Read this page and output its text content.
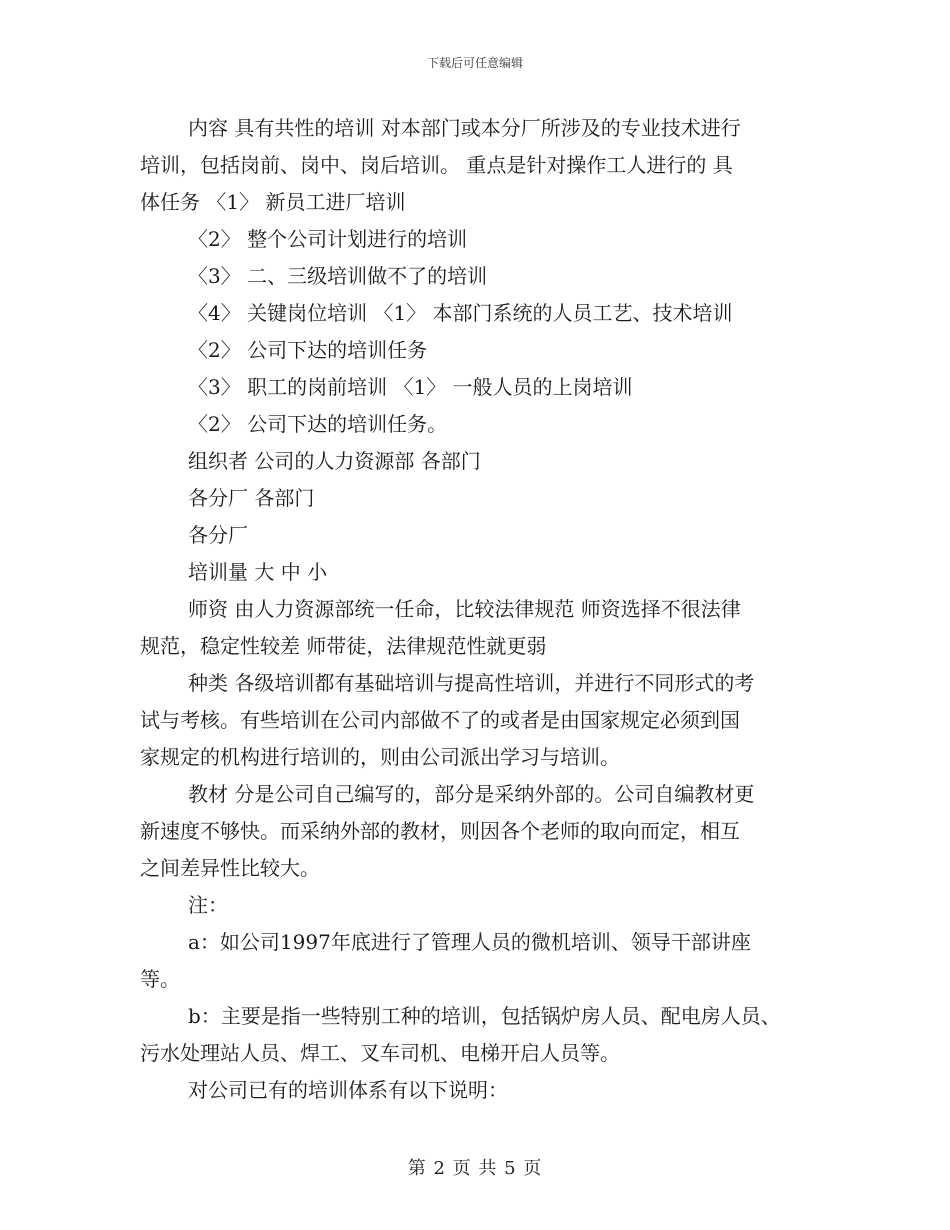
下载后可任意编辑
内容 具有共性的培训 对本部门或本分厂所涉及的专业技术进行
培训，包括岗前、岗中、岗后培训。 重点是针对操作工人进行的 具
体任务 〈1〉 新员工进厂培训
〈2〉 整个公司计划进行的培训
〈3〉 二、三级培训做不了的培训
〈4〉 关键岗位培训 〈1〉 本部门系统的人员工艺、技术培训
〈2〉 公司下达的培训任务
〈3〉 职工的岗前培训 〈1〉 一般人员的上岗培训
〈2〉 公司下达的培训任务。
组织者 公司的人力资源部 各部门
各分厂 各部门
各分厂
培训量 大 中 小
师资 由人力资源部统一任命，比较法律规范 师资选择不很法律
规范，稳定性较差 师带徒，法律规范性就更弱
种类 各级培训都有基础培训与提高性培训，并进行不同形式的考
试与考核。有些培训在公司内部做不了的或者是由国家规定必须到国
家规定的机构进行培训的，则由公司派出学习与培训。
教材 分是公司自己编写的，部分是采纳外部的。公司自编教材更
新速度不够快。而采纳外部的教材，则因各个老师的取向而定，相互
之间差异性比较大。
注：
a：如公司1997年底进行了管理人员的微机培训、领导干部讲座
等。
b：主要是指一些特别工种的培训，包括锅炉房人员、配电房人员、
污水处理站人员、焊工、叉车司机、电梯开启人员等。
对公司已有的培训体系有以下说明：
第 2 页 共 5 页
